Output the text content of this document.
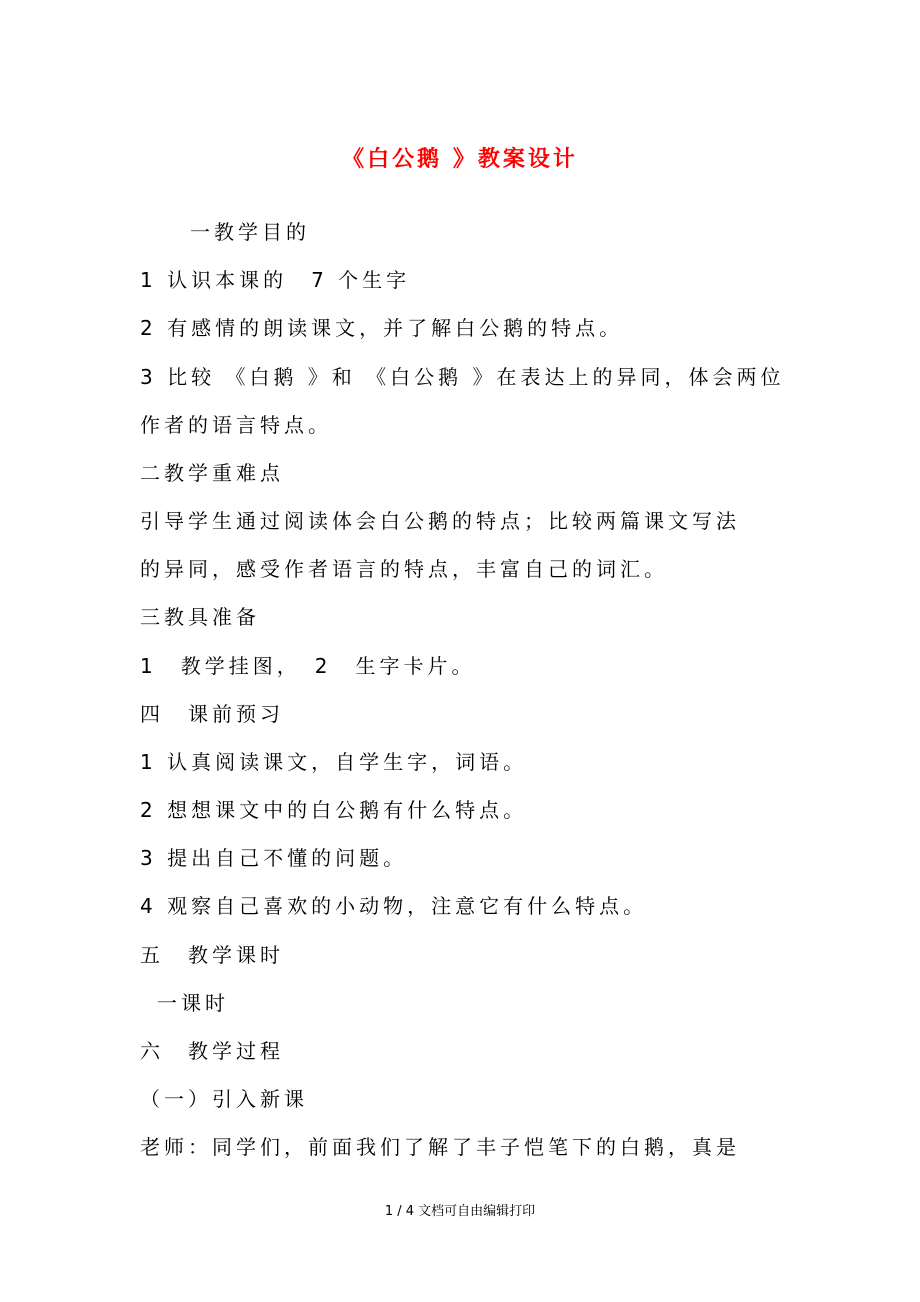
《白公鹅 》教案设计
一教学目的
1 认识本课的　7 个生字
2 有感情的朗读课文，并了解白公鹅的特点。
3 比较 《白鹅 》和 《白公鹅 》在表达上的异同，体会两位
作者的语言特点。
二教学重难点
引导学生通过阅读体会白公鹅的特点；比较两篇课文写法
的异同，感受作者语言的特点，丰富自己的词汇。
三教具准备
1　教学挂图，　2　生字卡片。
四　课前预习
1 认真阅读课文，自学生字，词语。
2 想想课文中的白公鹅有什么特点。
3 提出自己不懂的问题。
4 观察自己喜欢的小动物，注意它有什么特点。
五　教学课时
一课时
六　教学过程
（一）引入新课
老师：同学们，前面我们了解了丰子恺笔下的白鹅，真是
1 / 4 文档可自由编辑打印
